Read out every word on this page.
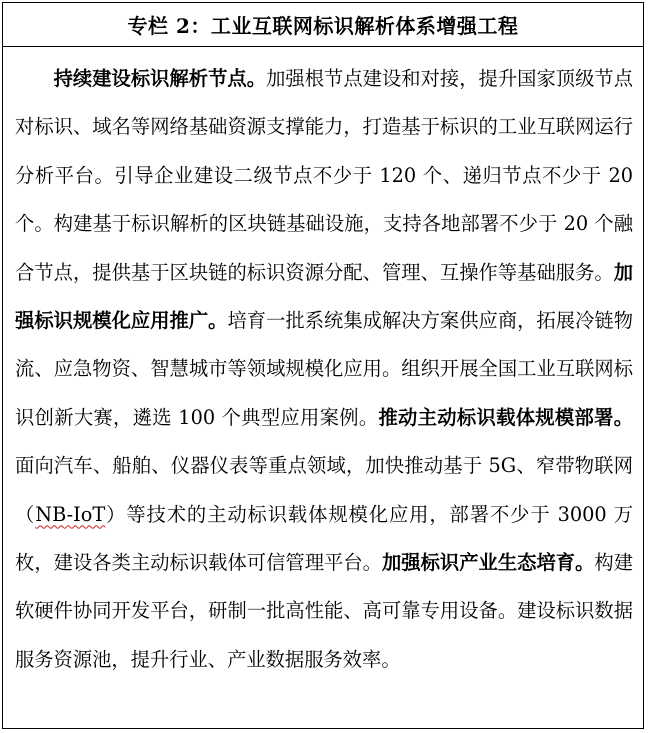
专栏 2：工业互联网标识解析体系增强工程

持续建设标识解析节点。加强根节点建设和对接，提升国家顶级节点对标识、域名等网络基础资源支撑能力，打造基于标识的工业互联网运行分析平台。引导企业建设二级节点不少于 120 个、递归节点不少于 20 个。构建基于标识解析的区块链基础设施，支持各地部署不少于 20 个融合节点，提供基于区块链的标识资源分配、管理、互操作等基础服务。加强标识规模化应用推广。培育一批系统集成解决方案供应商，拓展冷链物流、应急物资、智慧城市等领域规模化应用。组织开展全国工业互联网标识创新大赛，遴选 100 个典型应用案例。推动主动标识载体规模部署。面向汽车、船舶、仪器仪表等重点领域，加快推动基于 5G、窄带物联网（NB-IoT）等技术的主动标识载体规模化应用，部署不少于 3000 万枚，建设各类主动标识载体可信管理平台。加强标识产业生态培育。构建软硬件协同开发平台，研制一批高性能、高可靠专用设备。建设标识数据服务资源池，提升行业、产业数据服务效率。
